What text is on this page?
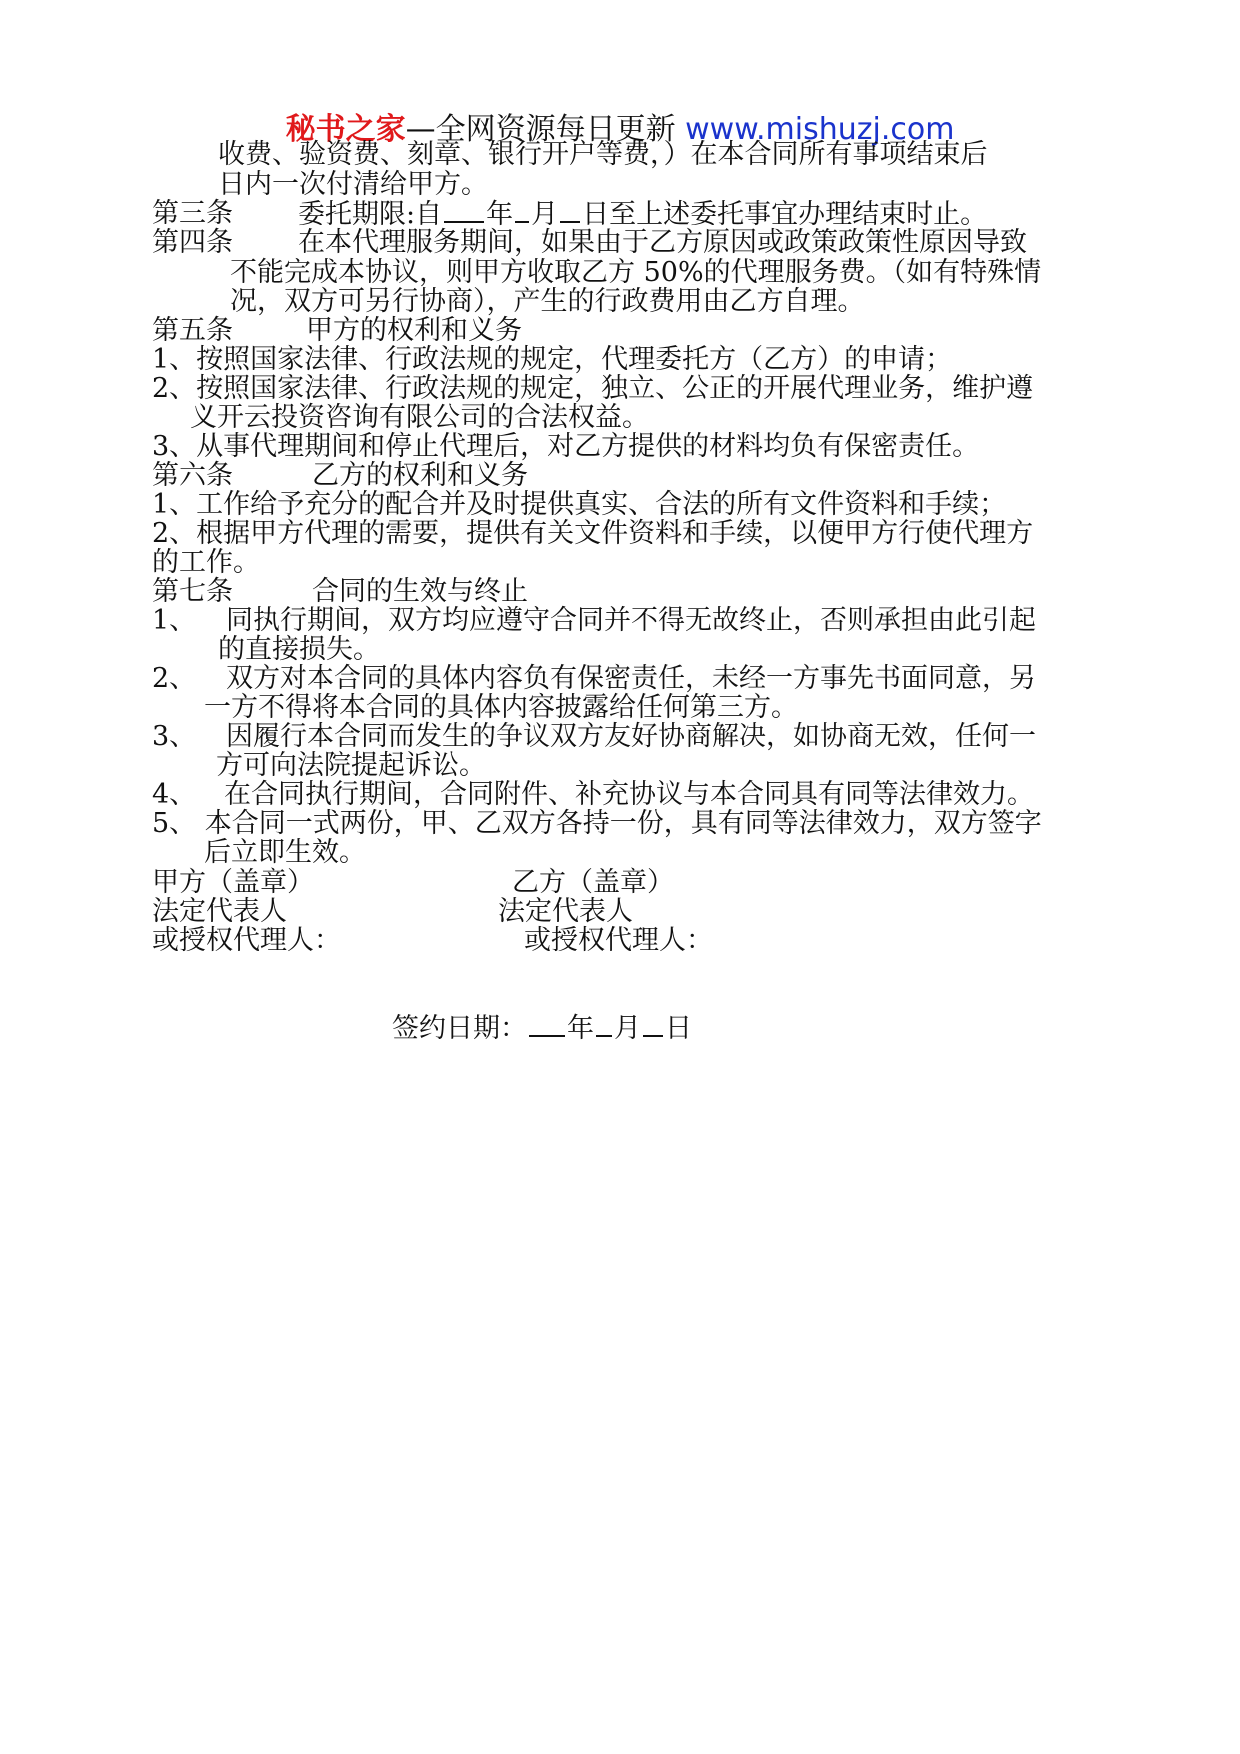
秘书之家—全网资源每日更新 www.mishuzj.com
收费、验资费、刻章、银行开户等费，）在本合同所有事项结束后
日内一次付清给甲方。
第三条 委托期限:自 年 月 日至上述委托事宜办理结束时止。
第四条 在本代理服务期间，如果由于乙方原因或政策政策性原因导致
不能完成本协议，则甲方收取乙方 50%的代理服务费。（如有特殊情
况，双方可另行协商），产生的行政费用由乙方自理。
第五条	甲方的权利和义务
1、按照国家法律、行政法规的规定，代理委托方（乙方）的申请；
2、按照国家法律、行政法规的规定，独立、公正的开展代理业务，维护遵
义开云投资咨询有限公司的合法权益。
3、从事代理期间和停止代理后，对乙方提供的材料均负有保密责任。
第六条	乙方的权利和义务
1、工作给予充分的配合并及时提供真实、合法的所有文件资料和手续；
2、根据甲方代理的需要，提供有关文件资料和手续，以便甲方行使代理方
的工作。
第七条	合同的生效与终止
1、 同执行期间，双方均应遵守合同并不得无故终止，否则承担由此引起
的直接损失。
2、 双方对本合同的具体内容负有保密责任，未经一方事先书面同意，另
一方不得将本合同的具体内容披露给任何第三方。
3、 因履行本合同而发生的争议双方友好协商解决，如协商无效，任何一
方可向法院提起诉讼。
4、 在合同执行期间，合同附件、补充协议与本合同具有同等法律效力。
5、 本合同一式两份，甲、乙双方各持一份，具有同等法律效力，双方签字
后立即生效。
甲方（盖章）	乙方（盖章）
法定代表人	法定代表人
或授权代理人：	或授权代理人：
签约日期： 年 月 日
